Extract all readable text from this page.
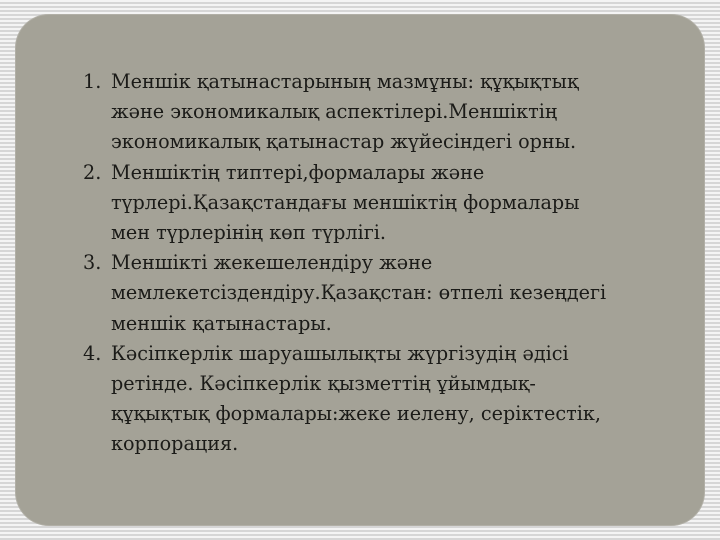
1. Меншік қатынастарының мазмұны: құқықтық
және экономикалық аспектілері.Меншіктің
экономикалық қатынастар жүйесіндегі орны.
2. Меншіктің типтері,формалары және
түрлері.Қазақстандағы меншіктің формалары
мен түрлерінің көп түрлігі.
3. Меншікті жекешелендіру және
мемлекетсіздендіру.Қазақстан: өтпелі кезеңдегі
меншік қатынастары.
4. Кәсіпкерлік шаруашылықты жүргізудің әдісі
ретінде. Кәсіпкерлік қызметтің ұйымдық-
құқықтық формалары:жеке иелену, серіктестік,
корпорация.
